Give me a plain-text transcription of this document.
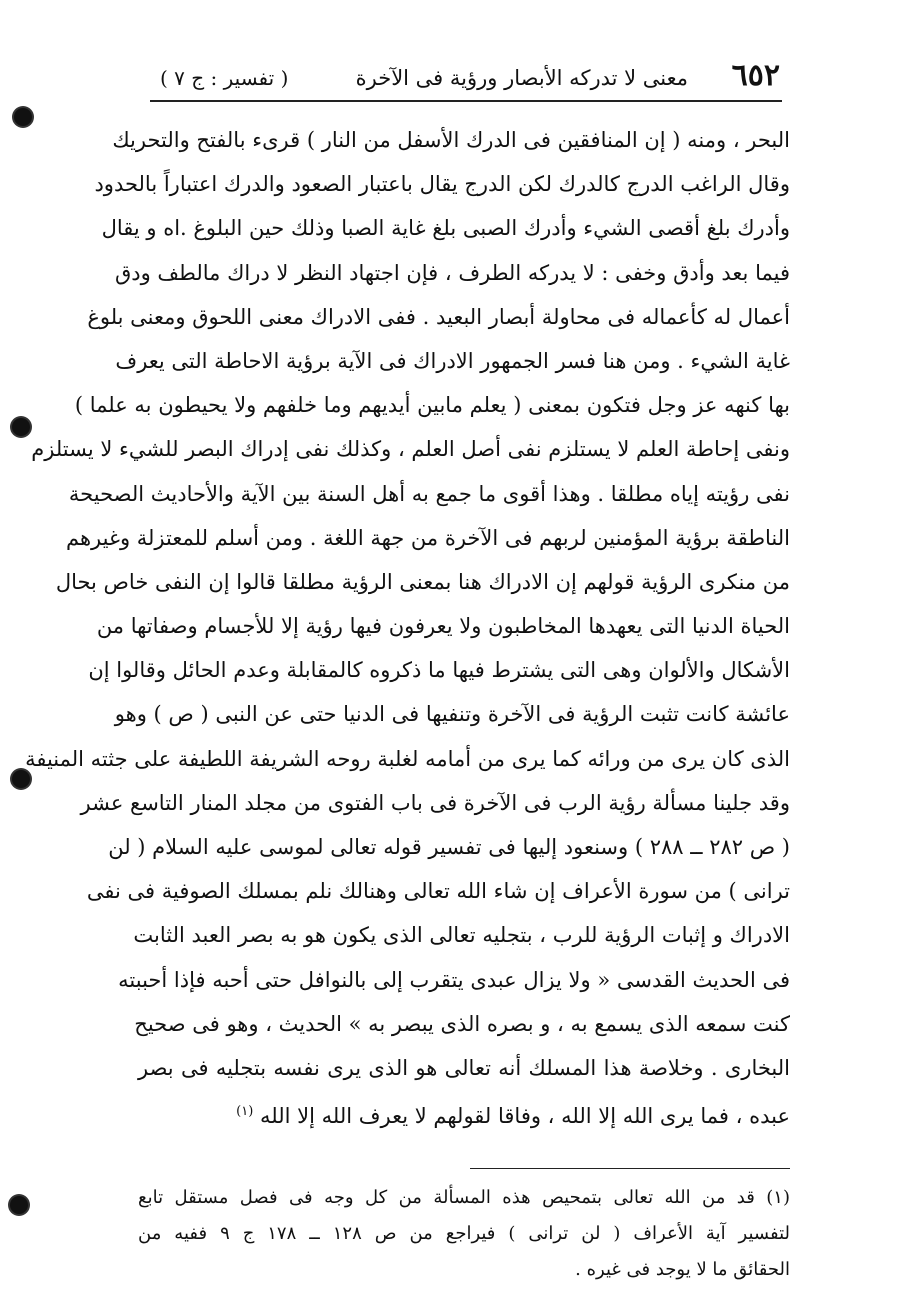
٦٥٢
معنى لا تدركه الأبصار ورؤية فى الآخرة
( تفسير : ج ٧ )
البحر ، ومنه ( إن المنافقين فى الدرك الأسفل من النار ) قرىء بالفتح والتحريك
وقال الراغب الدرج كالدرك لكن الدرج يقال باعتبار الصعود والدرك اعتباراً بالحدود
وأدرك بلغ أقصى الشيء وأدرك الصبى بلغ غاية الصبا وذلك حين البلوغ .اه و يقال
فيما بعد وأدق وخفى : لا يدركه الطرف ، فإن اجتهاد النظر لا دراك مالطف ودق
أعمال له كأعماله فى محاولة أبصار البعيد . ففى الادراك معنى اللحوق ومعنى بلوغ
غاية الشيء . ومن هنا فسر الجمهور الادراك فى الآية برؤية الاحاطة التى يعرف
بها كنهه عز وجل فتكون بمعنى ( يعلم مابين أيديهم وما خلفهم ولا يحيطون به علما )
ونفى إحاطة العلم لا يستلزم نفى أصل العلم ، وكذلك نفى إدراك البصر للشيء لا يستلزم
نفى رؤيته إياه مطلقا . وهذا أقوى ما جمع به أهل السنة بين الآية والأحاديث الصحيحة
الناطقة برؤية المؤمنين لربهم فى الآخرة من جهة اللغة . ومن أسلم للمعتزلة وغيرهم
من منكرى الرؤية قولهم إن الادراك هنا بمعنى الرؤية مطلقا قالوا إن النفى خاص بحال
الحياة الدنيا التى يعهدها المخاطبون ولا يعرفون فيها رؤية إلا للأجسام وصفاتها من
الأشكال والألوان وهى التى يشترط فيها ما ذكروه كالمقابلة وعدم الحائل وقالوا إن
عائشة كانت تثبت الرؤية فى الآخرة وتنفيها فى الدنيا حتى عن النبى ( ص ) وهو
الذى كان يرى من ورائه كما يرى من أمامه لغلبة روحه الشريفة اللطيفة على جثته المنيفة
وقد جلينا مسألة رؤية الرب فى الآخرة فى باب الفتوى من مجلد المنار التاسع عشر
( ص ٢٨٢ ــ ٢٨٨ ) وسنعود إليها فى تفسير قوله تعالى لموسى عليه السلام ( لن
ترانى ) من سورة الأعراف إن شاء الله تعالى وهنالك نلم بمسلك الصوفية فى نفى
الادراك و إثبات الرؤية للرب ، بتجليه تعالى الذى يكون هو به بصر العبد الثابت
فى الحديث القدسى « ولا يزال عبدى يتقرب إلى بالنوافل حتى أحبه فإذا أحببته
كنت سمعه الذى يسمع به ، و بصره الذى يبصر به » الحديث ، وهو فى صحيح
البخارى . وخلاصة هذا المسلك أنه تعالى هو الذى يرى نفسه بتجليه فى بصر
عبده ، فما يرى الله إلا الله ، وفاقا لقولهم لا يعرف الله إلا الله $^{(١)}$
(١) قد من الله تعالى بتمحيص هذه المسألة من كل وجه فى فصل مستقل تابع
لتفسير آية الأعراف ( لن ترانى ) فيراجع من ص ١٢٨ ــ ١٧٨ ج ٩ ففيه من
الحقائق ما لا يوجد فى غيره .
